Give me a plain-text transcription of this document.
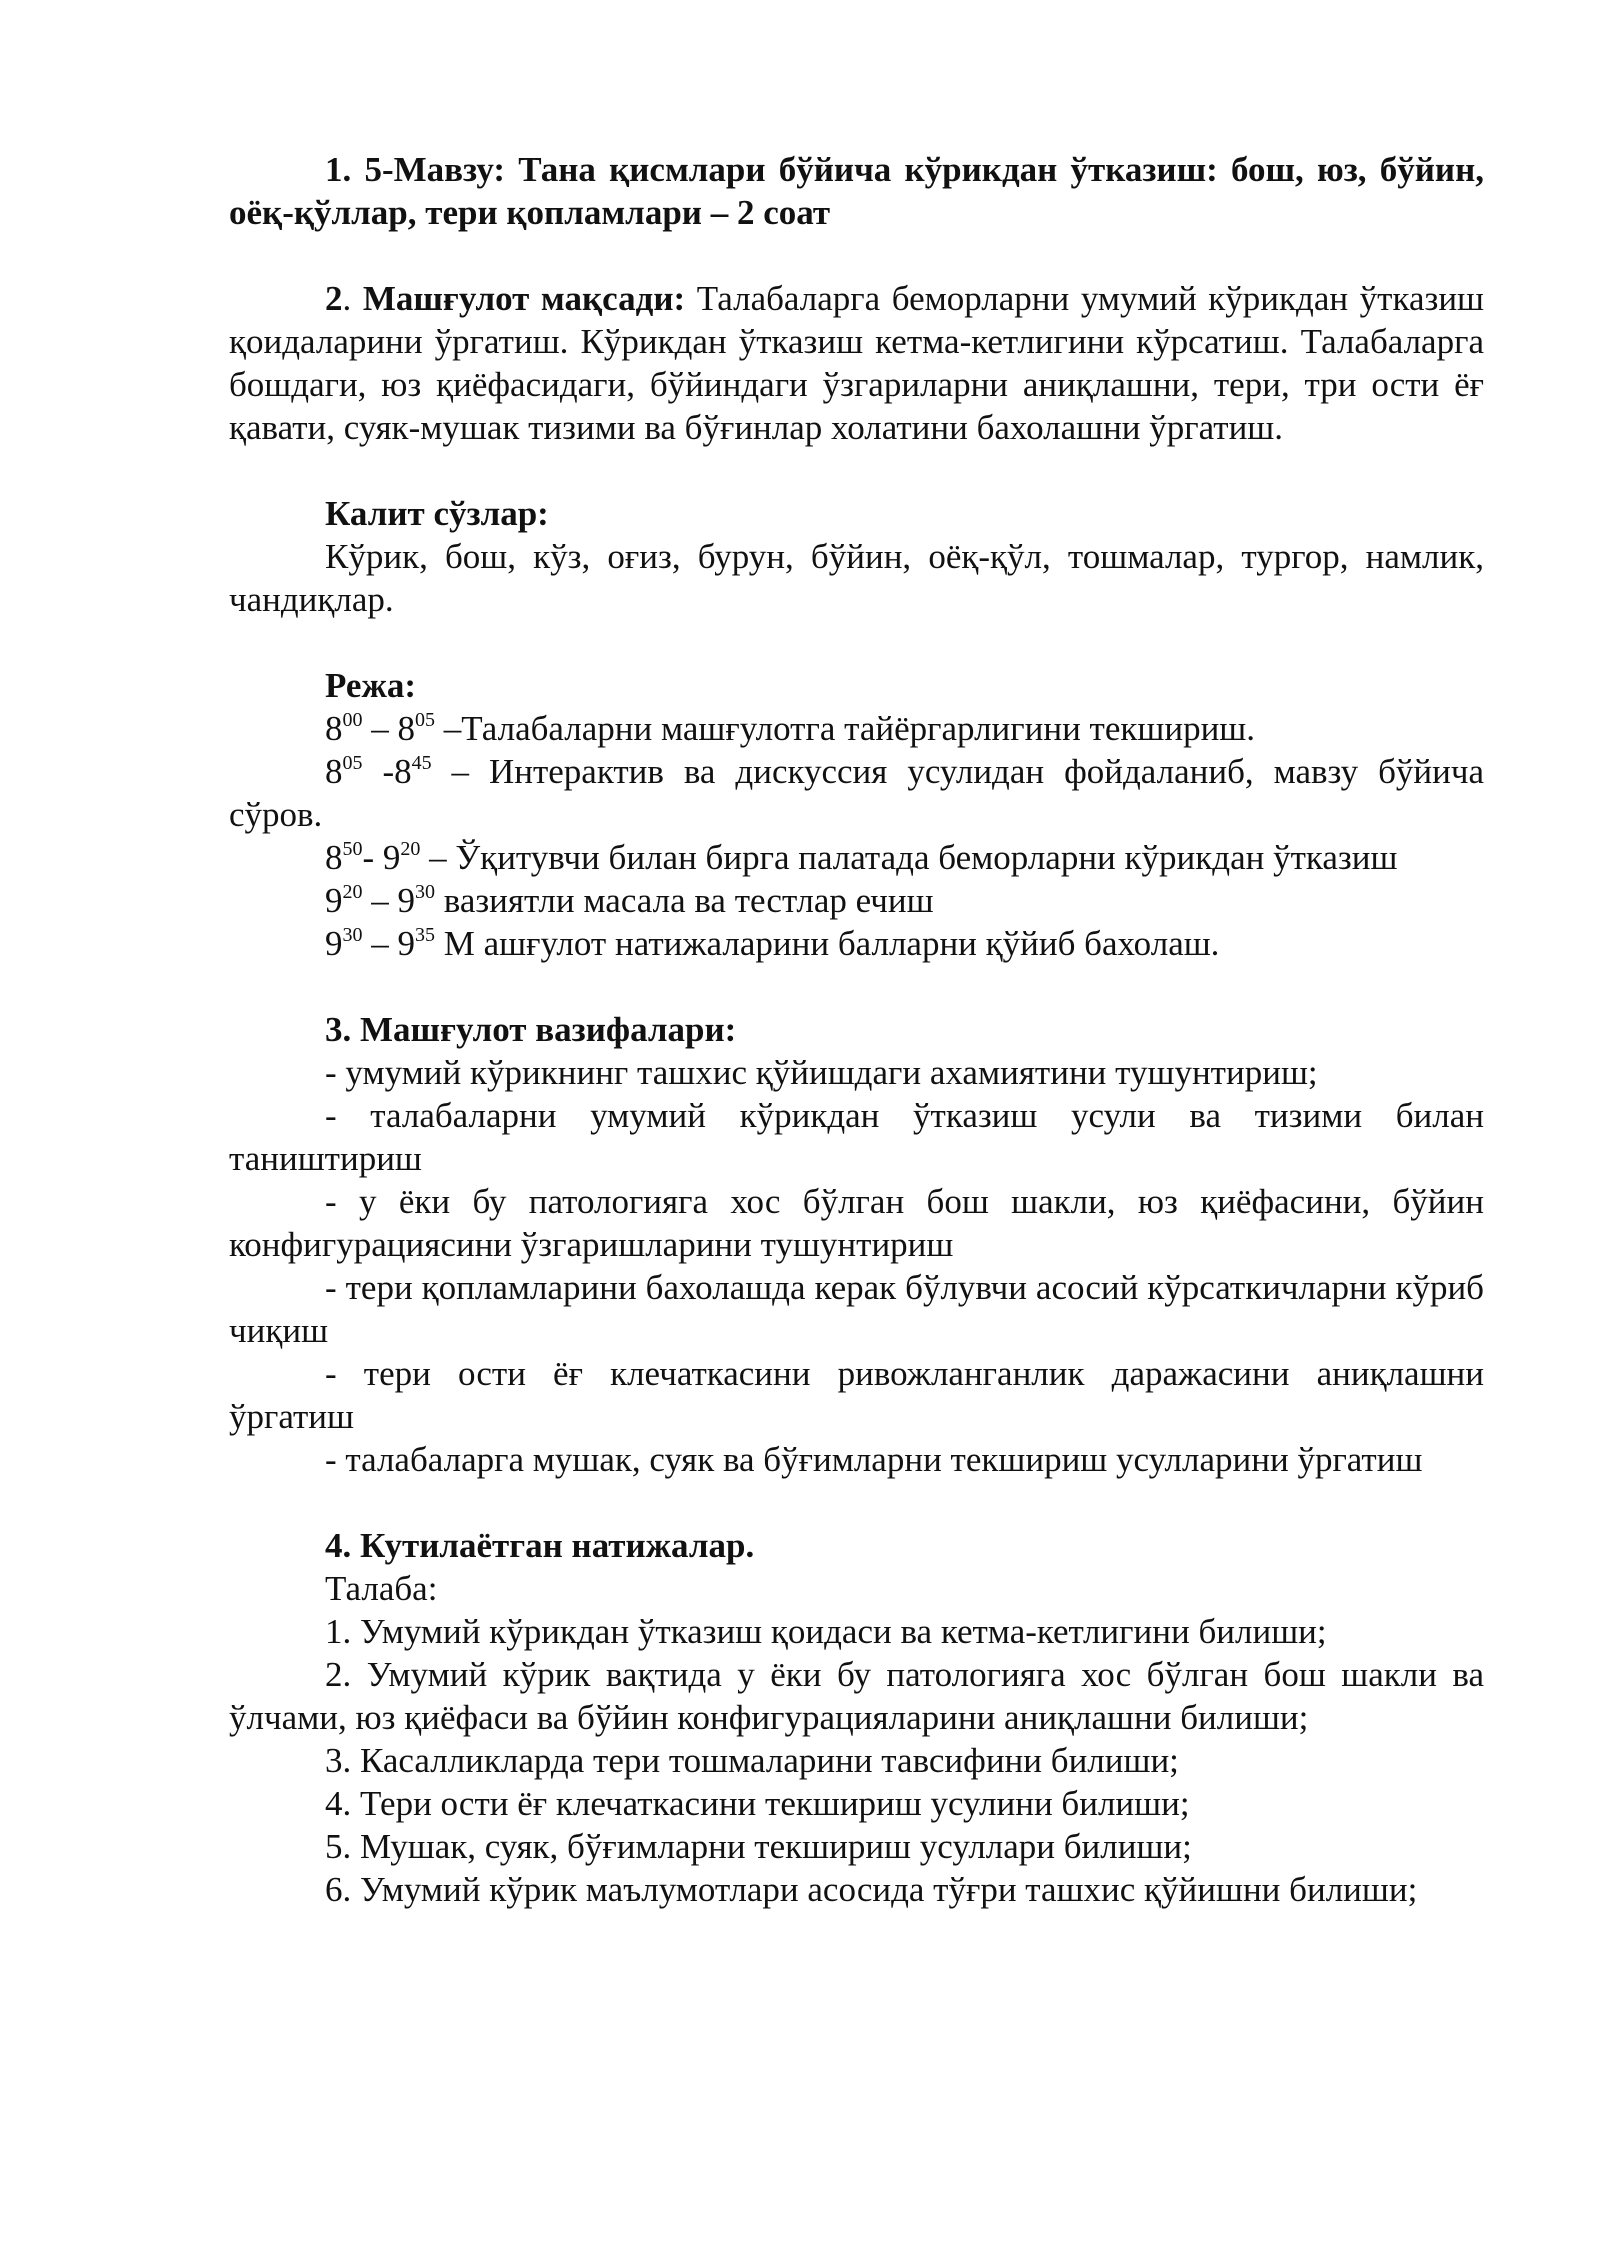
1. 5-Мавзу: Тана қисмлари бўйича кўрикдан ўтказиш: бош, юз, бўйин, оёқ-қўллар, тери қопламлари – 2 соат

2. Машғулот мақсади: Талабаларга беморларни умумий кўрикдан ўтказиш қоидаларини ўргатиш. Кўрикдан ўтказиш кетма-кетлигини кўрсатиш. Талабаларга бошдаги, юз қиёфасидаги, бўйиндаги ўзгариларни аниқлашни, тери, три ости ёғ қавати, суяк-мушак тизими ва бўғинлар холатини бахолашни ўргатиш.

Калит сўзлар:

Кўрик, бош, кўз, оғиз, бурун, бўйин, оёқ-қўл, тошмалар, тургор, намлик, чандиқлар.

Режа:

$8^{00} - 8^{05}$ –Талабаларни машғулотга тайёргарлигини текшириш.

$8^{05}$ $-8^{45}$ – Интерактив ва дискуссия усулидан фойдаланиб, мавзу бўйича сўров.

$8^{50}-$ $9^{20}$ – Ўқитувчи билан бирга палатада беморларни кўрикдан ўтказиш

$9^{20} - 9^{30}$ вазиятли масала ва тестлар ечиш

$9^{30} - 9^{35}$ М ашғулот натижаларини балларни қўйиб бахолаш.

3. Машғулот вазифалари:

- умумий кўрикнинг ташхис қўйишдаги ахамиятини тушунтириш;

- талабаларни умумий кўрикдан ўтказиш усули ва тизими билан таништириш

- у ёки бу патологияга хос бўлган бош шакли, юз қиёфасини, бўйин конфигурациясини ўзгаришларини тушунтириш

- тери қопламларини бахолашда керак бўлувчи асосий кўрсаткичларни кўриб чиқиш

- тери ости ёғ клечаткасини ривожланганлик даражасини аниқлашни ўргатиш

- талабаларга мушак, суяк ва бўғимларни текшириш усулларини ўргатиш

4. Кутилаётган натижалар.

Талаба:

1. Умумий кўрикдан ўтказиш қоидаси ва кетма-кетлигини билиши;

2. Умумий кўрик вақтида у ёки бу патологияга хос бўлган бош шакли ва ўлчами, юз қиёфаси ва бўйин конфигурацияларини аниқлашни билиши;

3. Касалликларда тери тошмаларини тавсифини билиши;

4. Тери ости ёғ клечаткасини текшириш усулини билиши;

5. Мушак, суяк, бўғимларни текшириш усуллари билиши;

6. Умумий кўрик маълумотлари асосида тўғри ташхис қўйишни билиши;
